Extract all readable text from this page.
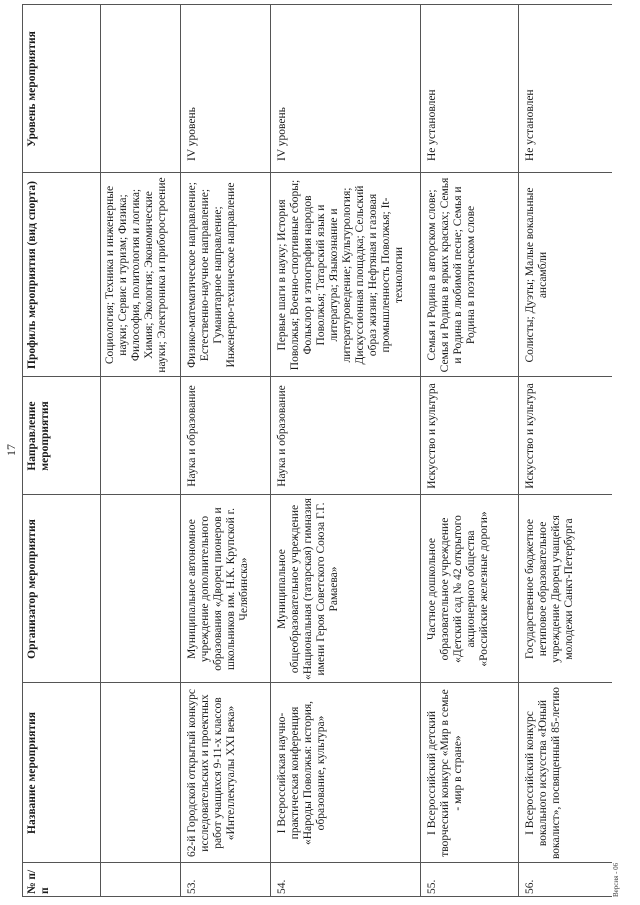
17
№ п/п
Название мероприятия
Организатор мероприятия
Направление мероприятия
Профиль мероприятия (вид спорта)
Уровень мероприятия
Социология; Техника и инженерные науки; Сервис и туризм; Физика; Философия, политология и логика; Химия; Экология; Экономические науки; Электроника и приборостроение
53.
62-й Городской открытый конкурс исследовательских и проектных работ учащихся 9-11-х классов «Интеллектуалы XXI века»
Муниципальное автономное учреждение дополнительного образования «Дворец пионеров и школьников им. Н.К. Крупской г. Челябинска»
Наука и образование
Физико-математическое направление; Естественно-научное направление; Гуманитарное направление; Инженерно-техническое направление
IV уровень
54.
I Всероссийская научно-практическая конференция «Народы Поволжья: история, образование, культура»
Муниципальное общеобразовательное учреждение «Национальная (татарская) гимназия имени Героя Советского Союза Г.Г. Рамаева»
Наука и образование
Первые шаги в науку; История Поволжья; Военно-спортивные сборы; Фольклор и этнография народов Поволжья; Татарский язык и литература; Языкознание и литературоведение; Культурология; Дискуссионная площадка; Сельский образ жизни; Нефтяная и газовая промышленность Поволжья; It-технологии
IV уровень
55.
I Всероссийский детский творческий конкурс «Мир в семье - мир в стране»
Частное дошкольное образовательное учреждение «Детский сад № 42 открытого акционерного общества «Российские железные дороги»
Искусство и культура
Семья и Родина в авторском слове; Семья и Родина в ярких красках; Семья и Родина в любимой песне; Семья и Родина в поэтическом слове
Не установлен
56.
I Всероссийский конкурс вокального искусства «Юный вокалист», посвященный 85-летию
Государственное бюджетное нетиповое образовательное учреждение Дворец учащейся молодежи Санкт-Петербурга
Искусство и культура
Солисты; Дуэты; Малые вокальные ансамбли
Не установлен
Версия - 06
